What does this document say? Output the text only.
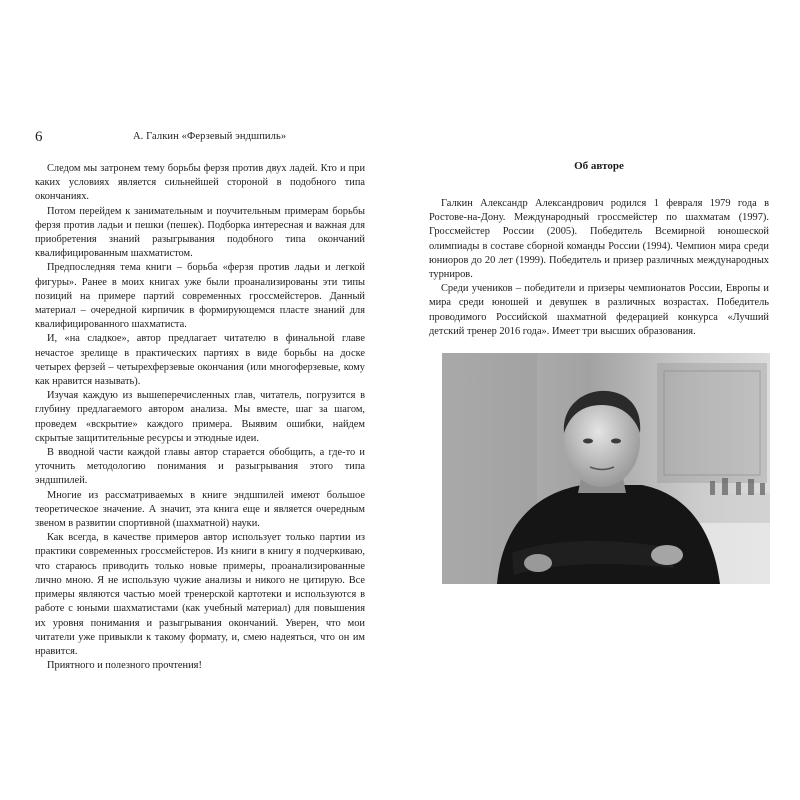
6	А. Галкин «Ферзевый эндшпиль»

Следом мы затронем тему борьбы ферзя против двух ладей. Кто и при каких условиях является сильнейшей стороной в подобного типа окончаниях.

Потом перейдем к занимательным и поучительным примерам борьбы ферзя против ладьи и пешки (пешек). Подборка интересная и важная для приобретения знаний разыгрывания подобного типа окончаний квалифицированным шахматистом.

Предпоследняя тема книги – борьба «ферзя против ладьи и легкой фигуры». Ранее в моих книгах уже были проанализированы эти типы позиций на примере партий современных гроссмейстеров. Данный материал – очередной кирпичик в формирующемся пласте знаний для квалифицированного шахматиста.

И, «на сладкое», автор предлагает читателю в финальной главе нечастое зрелище в практических партиях в виде борьбы на доске четырех ферзей – четырехферзевые окончания (или многоферзевые, кому как нравится называть).

Изучая каждую из вышеперечисленных глав, читатель, погрузится в глубину предлагаемого автором анализа. Мы вместе, шаг за шагом, проведем «вскрытие» каждого примера. Выявим ошибки, найдем скрытые защитительные ресурсы и этюдные идеи.

В вводной части каждой главы автор старается обобщить, а где-то и уточнить методологию понимания и разыгрывания этого типа эндшпилей.

Многие из рассматриваемых в книге эндшпилей имеют большое теоретическое значение. А значит, эта книга еще и является очередным звеном в развитии спортивной (шахматной) науки.

Как всегда, в качестве примеров автор использует только партии из практики современных гроссмейстеров. Из книги в книгу я подчеркиваю, что стараюсь приводить только новые примеры, проанализированные лично мною. Я не использую чужие анализы и никого не цитирую. Все примеры являются частью моей тренерской картотеки и используются в работе с юными шахматистами (как учебный материал) для повышения их уровня понимания и разыгрывания окончаний. Уверен, что мои читатели уже привыкли к такому формату, и, смею надеяться, что он им нравится.

Приятного и полезного прочтения!

Об авторе

Галкин Александр Александрович родился 1 февраля 1979 года в Ростове-на-Дону. Международный гроссмейстер по шахматам (1997). Гроссмейстер России (2005). Победитель Всемирной юношеской олимпиады в составе сборной команды России (1994). Чемпион мира среди юниоров до 20 лет (1999). Победитель и призер различных международных турниров.

Среди учеников – победители и призеры чемпионатов России, Европы и мира среди юношей и девушек в различных возрастах. Победитель проводимого Российской шахматной федерацией конкурса «Лучший детский тренер 2016 года». Имеет три высших образования.
